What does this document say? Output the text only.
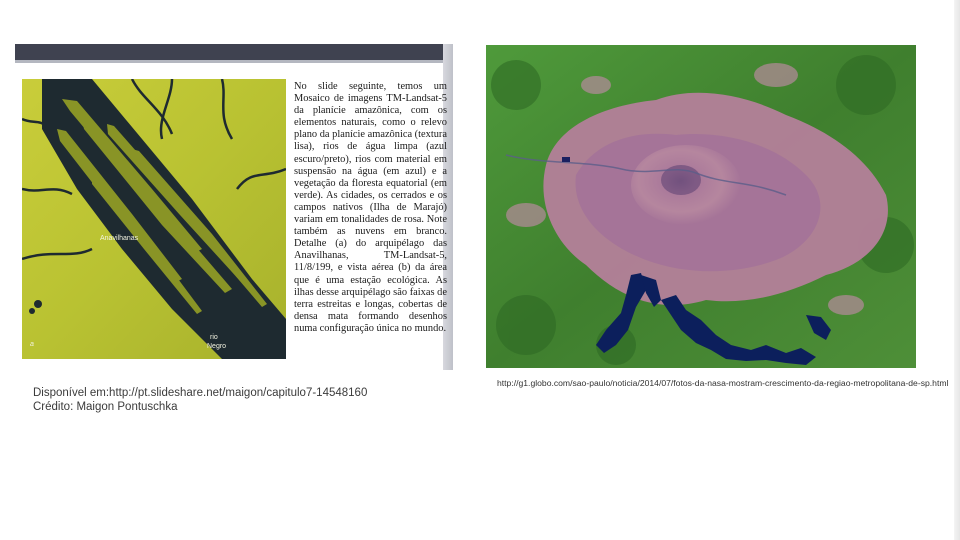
Anavilhanas
rio
Negro
a
No slide seguinte, temos um Mosaico de imagens TM-Landsat-5 da planície amazônica, com os elementos naturais, como o relevo plano da planície amazônica (textura lisa), rios de água limpa (azul escuro/preto), rios com material em suspensão na água (em azul) e a vegetação da floresta equatorial (em verde). As cidades, os cerrados e os campos nativos (Ilha de Marajó) variam em tonalidades de rosa. Note também as nuvens em branco. Detalhe (a) do arquipélago das Anavilhanas, TM-Landsat-5, 11/8/199, e vista aérea (b) da área que é uma estação ecológica. As ilhas desse arquipélago são faixas de terra estreitas e longas, cobertas de densa mata formando desenhos numa configuração única no mundo.
Disponível em:http://pt.slideshare.net/maigon/capitulo7-14548160
Crédito: Maigon Pontuschka
http://g1.globo.com/sao-paulo/noticia/2014/07/fotos-da-nasa-mostram-crescimento-da-regiao-metropolitana-de-sp.html
